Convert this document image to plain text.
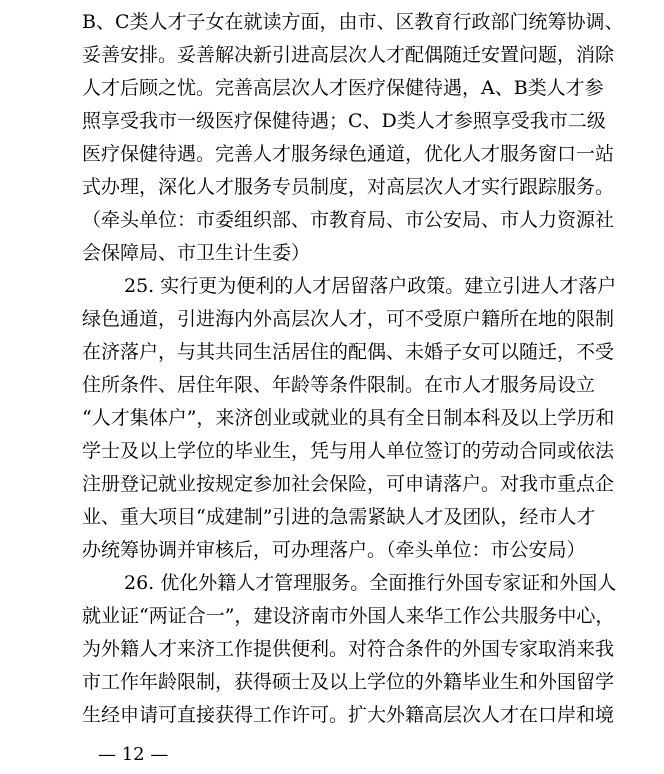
B、C类人才子女在就读方面，由市、区教育行政部门统筹协调、
妥善安排。妥善解决新引进高层次人才配偶随迁安置问题，消除
人才后顾之忧。完善高层次人才医疗保健待遇，A、B类人才参
照享受我市一级医疗保健待遇；C、D类人才参照享受我市二级
医疗保健待遇。完善人才服务绿色通道，优化人才服务窗口一站
式办理，深化人才服务专员制度，对高层次人才实行跟踪服务。
（牵头单位：市委组织部、市教育局、市公安局、市人力资源社
会保障局、市卫生计生委）
25. 实行更为便利的人才居留落户政策。建立引进人才落户
绿色通道，引进海内外高层次人才，可不受原户籍所在地的限制
在济落户，与其共同生活居住的配偶、未婚子女可以随迁，不受
住所条件、居住年限、年龄等条件限制。在市人才服务局设立
“人才集体户”，来济创业或就业的具有全日制本科及以上学历和
学士及以上学位的毕业生，凭与用人单位签订的劳动合同或依法
注册登记就业按规定参加社会保险，可申请落户。对我市重点企
业、重大项目“成建制”引进的急需紧缺人才及团队，经市人才
办统筹协调并审核后，可办理落户。（牵头单位：市公安局）
26. 优化外籍人才管理服务。全面推行外国专家证和外国人
就业证“两证合一”，建设济南市外国人来华工作公共服务中心，
为外籍人才来济工作提供便利。对符合条件的外国专家取消来我
市工作年龄限制，获得硕士及以上学位的外籍毕业生和外国留学
生经申请可直接获得工作许可。扩大外籍高层次人才在口岸和境
— 12 —
